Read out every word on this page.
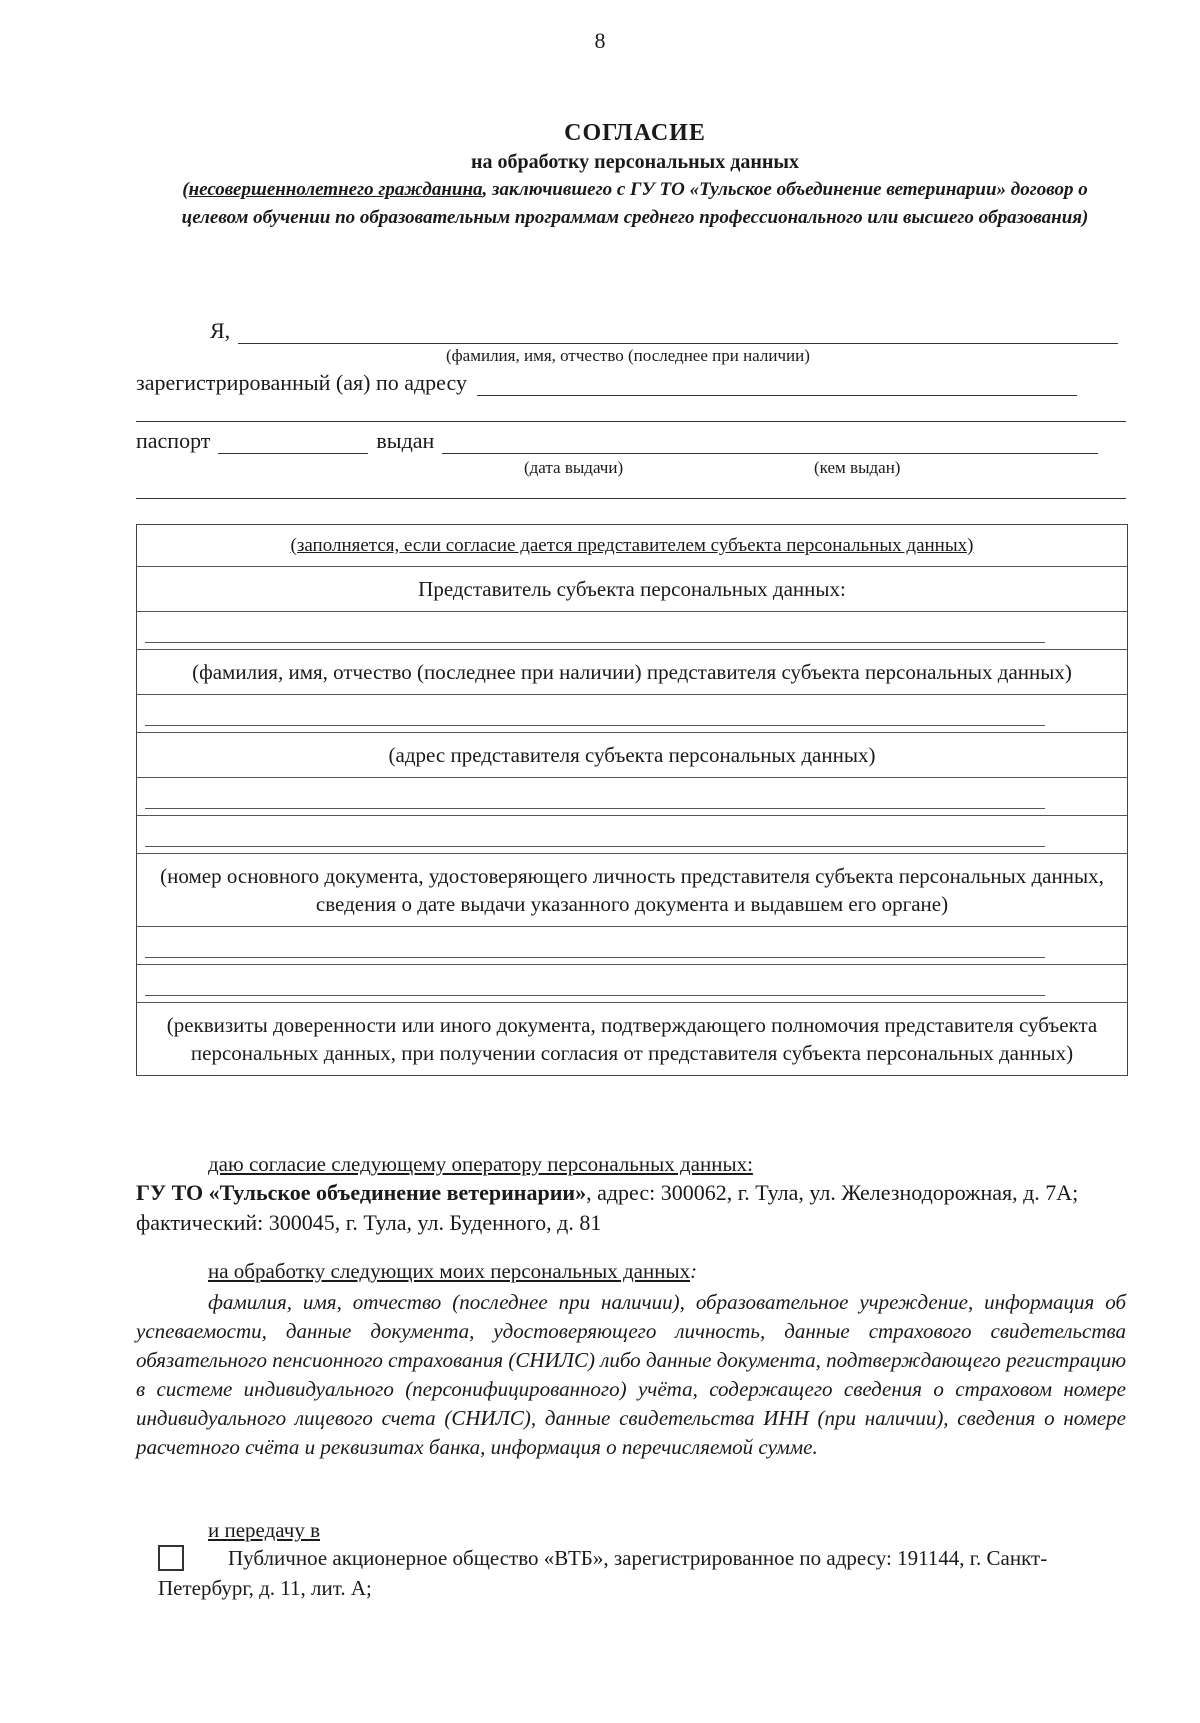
8
СОГЛАСИЕ
на обработку персональных данных
(несовершеннолетнего гражданина, заключившего с ГУ ТО «Тульское объединение ветеринарии» договор о целевом обучении по образовательным программам среднего профессионального или высшего образования)
Я,
(фамилия, имя, отчество (последнее при наличии)
зарегистрированный (ая) по адресу
паспорт	выдан
(дата выдачи)	(кем выдан)
(заполняется, если согласие дается представителем субъекта персональных данных)
Представитель субъекта персональных данных:
(фамилия, имя, отчество (последнее при наличии) представителя субъекта персональных данных)
(адрес представителя субъекта персональных данных)
(номер основного документа, удостоверяющего личность представителя субъекта персональных данных, сведения о дате выдачи указанного документа и выдавшем его органе)
(реквизиты доверенности или иного документа, подтверждающего полномочия представителя субъекта персональных данных, при получении согласия от представителя субъекта персональных данных)
даю согласие следующему оператору персональных данных:
ГУ ТО «Тульское объединение ветеринарии», адрес: 300062, г. Тула, ул. Железнодорожная, д. 7А; фактический: 300045, г. Тула, ул. Буденного, д. 81
на обработку следующих моих персональных данных:
фамилия, имя, отчество (последнее при наличии), образовательное учреждение, информация об успеваемости, данные документа, удостоверяющего личность, данные страхового свидетельства обязательного пенсионного страхования (СНИЛС) либо данные документа, подтверждающего регистрацию в системе индивидуального (персонифицированного) учёта, содержащего сведения о страховом номере индивидуального лицевого счета (СНИЛС), данные свидетельства ИНН (при наличии), сведения о номере расчетного счёта и реквизитах банка, информация о перечисляемой сумме.
и передачу в
Публичное акционерное общество «ВТБ», зарегистрированное по адресу: 191144, г. Санкт-Петербург, д. 11, лит. А;
